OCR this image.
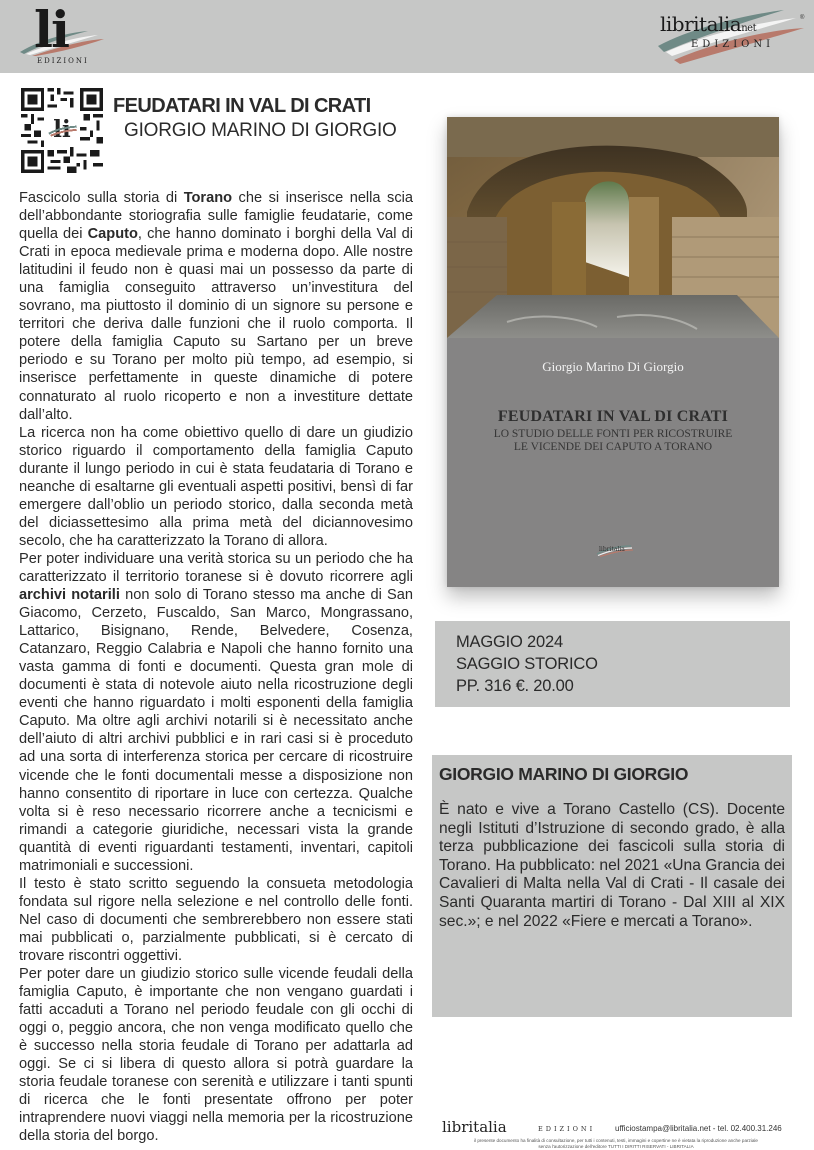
li
EDIZIONI
libritalianet
®
EDIZIONI
li
FEUDATARI IN VAL DI CRATI
GIORGIO MARINO DI GIORGIO

Fascicolo sulla storia di Torano che si inserisce nella scia dell’abbondante storiografia sulle famiglie feudatarie, come quella dei Caputo, che hanno dominato i borghi della Val di Crati in epoca medievale prima e moderna dopo. Alle nostre latitudini il feudo non è quasi mai un possesso da parte di una famiglia conseguito attraverso un’investitura del sovrano, ma piuttosto il dominio di un signore su persone e territori che deriva dalle funzioni che il ruolo comporta. Il potere della famiglia Caputo su Sartano per un breve periodo e su Torano per molto più tempo, ad esempio, si inserisce perfettamente in queste dinamiche di potere connaturato al ruolo ricoperto e non a investiture dettate dall’alto.

La ricerca non ha come obiettivo quello di dare un giudizio storico riguardo il comportamento della famiglia Caputo durante il lungo periodo in cui è stata feudataria di Torano e neanche di esaltarne gli eventuali aspetti positivi, bensì di far emergere dall’oblio un periodo storico, dalla seconda metà del diciassettesimo alla prima metà del diciannovesimo secolo, che ha caratterizzato la Torano di allora.

Per poter individuare una verità storica su un periodo che ha caratterizzato il territorio toranese si è dovuto ricorrere agli archivi notarili non solo di Torano stesso ma anche di San Giacomo, Cerzeto, Fuscaldo, San Marco, Mongrassano, Lattarico, Bisignano, Rende, Belvedere, Cosenza, Catanzaro, Reggio Calabria e Napoli che hanno fornito una vasta gamma di fonti e documenti. Questa gran mole di documenti è stata di notevole aiuto nella ricostruzione degli eventi che hanno riguardato i molti esponenti della famiglia Caputo. Ma oltre agli archivi notarili si è necessitato anche dell’aiuto di altri archivi pubblici e in rari casi si è proceduto ad una sorta di interferenza storica per cercare di ricostruire vicende che le fonti documentali messe a disposizione non hanno consentito di riportare in luce con certezza. Qualche volta si è reso necessario ricorrere anche a tecnicismi e rimandi a categorie giuridiche, necessari vista la grande quantità di eventi riguardanti testamenti, inventari, capitoli matrimoniali e successioni.

Il testo è stato scritto seguendo la consueta metodologia fondata sul rigore nella selezione e nel controllo delle fonti. Nel caso di documenti che sembrerebbero non essere stati mai pubblicati o, parzialmente pubblicati, si è cercato di trovare riscontri oggettivi.

Per poter dare un giudizio storico sulle vicende feudali della famiglia Caputo, è importante che non vengano guardati i fatti accaduti a Torano nel periodo feudale con gli occhi di oggi o, peggio ancora, che non venga modificato quello che è successo nella storia feudale di Torano per adattarla ad oggi. Se ci si libera di questo allora si potrà guardare la storia feudale toranese con serenità e utilizzare i tanti spunti di ricerca che le fonti presentate offrono per poter intraprendere nuovi viaggi nella memoria per la ricostruzione della storia del borgo.

Giorgio Marino Di Giorgio
FEUDATARI IN VAL DI CRATI
LO STUDIO DELLE FONTI PER RICOSTRUIRE
LE VICENDE DEI CAPUTO A TORANO
libritalia
MAGGIO 2024
SAGGIO STORICO
PP. 316 €. 20.00
GIORGIO MARINO DI GIORGIO
È nato e vive a Torano Castello (CS). Docente negli Istituti d’Istruzione di secondo grado, è alla terza pubblicazione dei fascicoli sulla storia di Torano. Ha pubblicato: nel 2021 «Una Grancia dei Cavalieri di Malta nella Val di Crati - Il casale dei Santi Quaranta martiri di Torano - Dal XIII al XIX sec.»; e nel 2022 «Fiere e mercati a Torano».
libritalia	EDIZIONI ufficiostampa@libritalia.net - tel. 02.400.31.246
il presente documento ha finalità di consultazione, per tutti i contenuti, testi, immagini e copertine ne è vietata la riproduzione anche parziale
senza l'autorizzazione dell'editore TUTTI I DIRITTI RISERVATI - LIBRITALIA
